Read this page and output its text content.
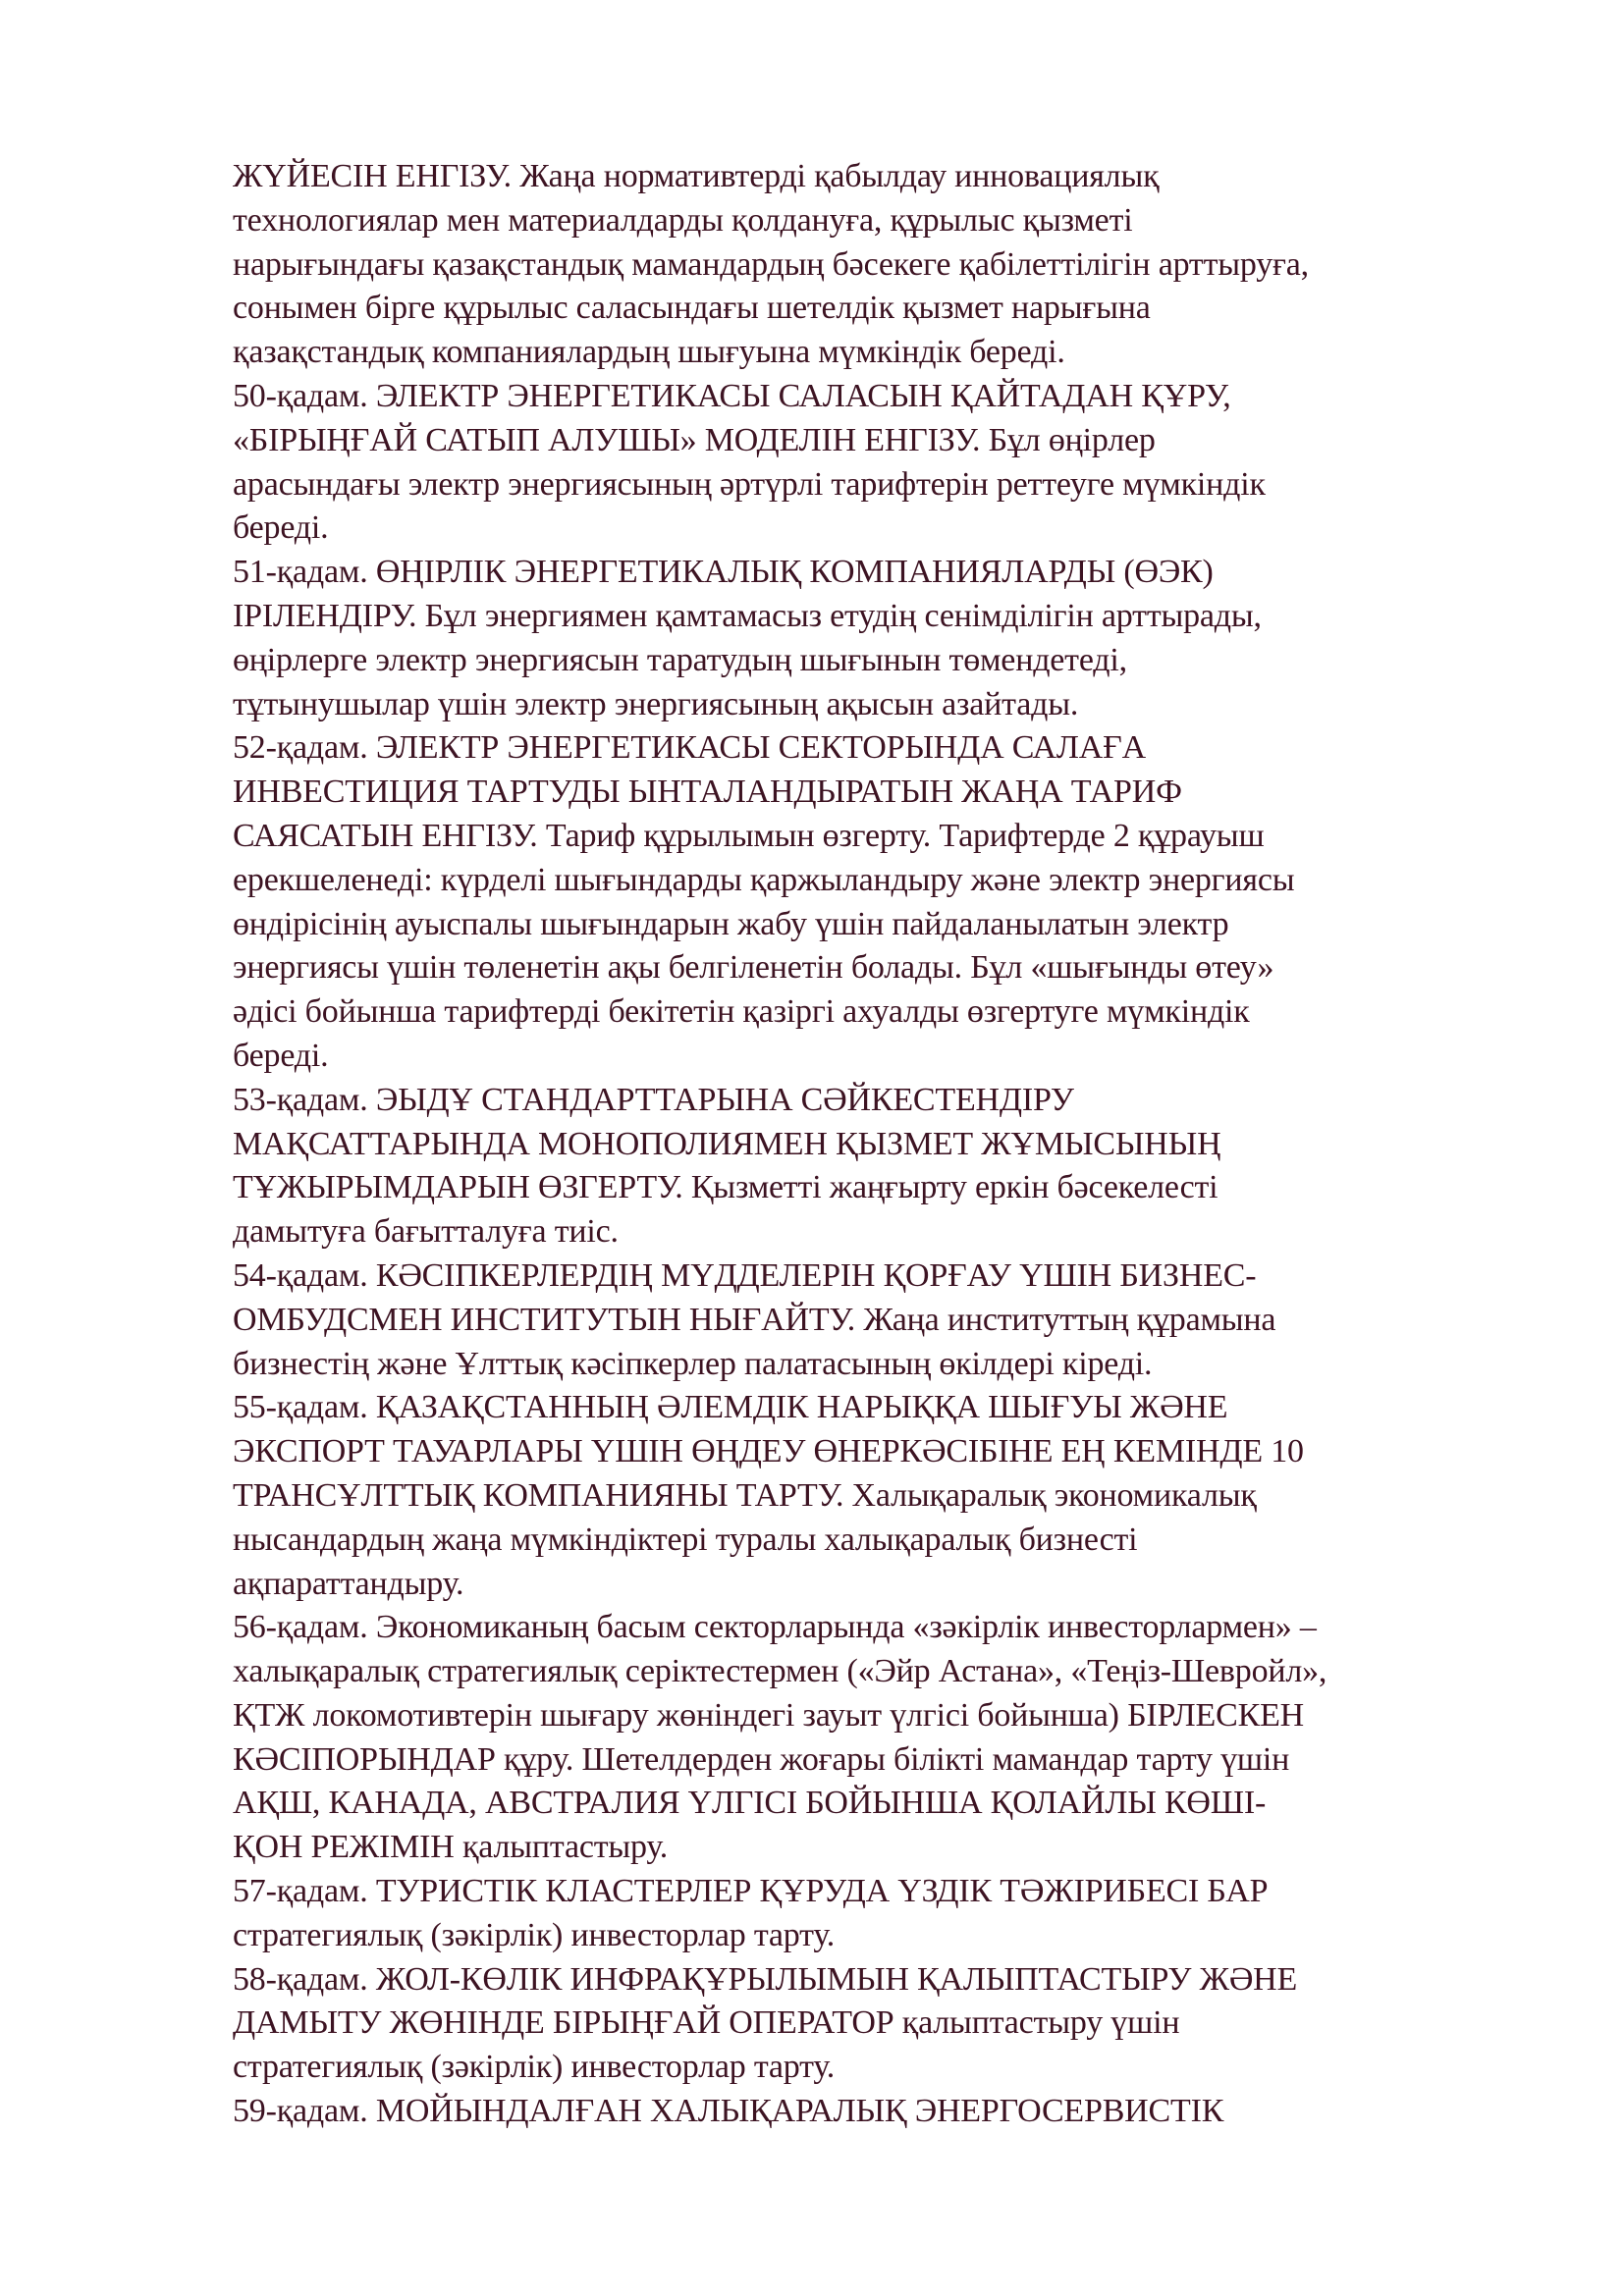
ЖҮЙЕСІН ЕНГІЗУ. Жаңа нормативтерді қабылдау инновациялық
технологиялар мен материалдарды қолдануға, құрылыс қызметі
нарығындағы қазақстандық мамандардың бәсекеге қабілеттілігін арттыруға,
сонымен бірге құрылыс саласындағы шетелдік қызмет нарығына
қазақстандық компаниялардың шығуына мүмкіндік береді.
50-қадам. ЭЛЕКТР ЭНЕРГЕТИКАСЫ САЛАСЫН ҚАЙТАДАН ҚҰРУ,
«БІРЫҢҒАЙ САТЫП АЛУШЫ» МОДЕЛІН ЕНГІЗУ. Бұл өңірлер
арасындағы электр энергиясының әртүрлі тарифтерін реттеуге мүмкіндік
береді.
51-қадам. ӨҢІРЛІК ЭНЕРГЕТИКАЛЫҚ КОМПАНИЯЛАРДЫ (ӨЭК)
ІРІЛЕНДІРУ. Бұл энергиямен қамтамасыз етудің сенімділігін арттырады,
өңірлерге электр энергиясын таратудың шығынын төмендетеді,
тұтынушылар үшін электр энергиясының ақысын азайтады.
52-қадам. ЭЛЕКТР ЭНЕРГЕТИКАСЫ СЕКТОРЫНДА САЛАҒА
ИНВЕСТИЦИЯ ТАРТУДЫ ЫНТАЛАНДЫРАТЫН ЖАҢА ТАРИФ
САЯСАТЫН ЕНГІЗУ. Тариф құрылымын өзгерту. Тарифтерде 2 құрауыш
ерекшеленеді: күрделі шығындарды қаржыландыру және электр энергиясы
өндірісінің ауыспалы шығындарын жабу үшін пайдаланылатын электр
энергиясы үшін төленетін ақы белгіленетін болады. Бұл «шығынды өтеу»
әдісі бойынша тарифтерді бекітетін қазіргі ахуалды өзгертуге мүмкіндік
береді.
53-қадам. ЭЫДҰ СТАНДАРТТАРЫНА СӘЙКЕСТЕНДІРУ
МАҚСАТТАРЫНДА МОНОПОЛИЯМЕН ҚЫЗМЕТ ЖҰМЫСЫНЫҢ
ТҰЖЫРЫМДАРЫН ӨЗГЕРТУ. Қызметті жаңғырту еркін бәсекелесті
дамытуға бағытталуға тиіс.
54-қадам. КӘСІПКЕРЛЕРДІҢ МҮДДЕЛЕРІН ҚОРҒАУ ҮШІН БИЗНЕС-
ОМБУДСМЕН ИНСТИТУТЫН НЫҒАЙТУ. Жаңа институттың құрамына
бизнестің және Ұлттық кәсіпкерлер палатасының өкілдері кіреді.
55-қадам. ҚАЗАҚСТАННЫҢ ӘЛЕМДІК НАРЫҚҚА ШЫҒУЫ ЖӘНЕ
ЭКСПОРТ ТАУАРЛАРЫ ҮШІН ӨҢДЕУ ӨНЕРКӘСІБІНЕ ЕҢ КЕМІНДЕ 10
ТРАНСҰЛТТЫҚ КОМПАНИЯНЫ ТАРТУ. Халықаралық экономикалық
нысандардың жаңа мүмкіндіктері туралы халықаралық бизнесті
ақпараттандыру.
56-қадам. Экономиканың басым секторларында «зәкірлік инвесторлармен» –
халықаралық стратегиялық серіктестермен («Эйр Астана», «Теңіз-Шевройл»,
ҚТЖ локомотивтерін шығару жөніндегі зауыт үлгісі бойынша) БІРЛЕСКЕН
КӘСІПОРЫНДАР құру. Шетелдерден жоғары білікті мамандар тарту үшін
АҚШ, КАНАДА, АВСТРАЛИЯ ҮЛГІСІ БОЙЫНША ҚОЛАЙЛЫ КӨШІ-
ҚОН РЕЖІМІН қалыптастыру.
57-қадам. ТУРИСТІК КЛАСТЕРЛЕР ҚҰРУДА ҮЗДІК ТӘЖІРИБЕСІ БАР
стратегиялық (зәкірлік) инвесторлар тарту.
58-қадам. ЖОЛ-КӨЛІК ИНФРАҚҰРЫЛЫМЫН ҚАЛЫПТАСТЫРУ ЖӘНЕ
ДАМЫТУ ЖӨНІНДЕ БІРЫҢҒАЙ ОПЕРАТОР қалыптастыру үшін
стратегиялық (зәкірлік) инвесторлар тарту.
59-қадам. МОЙЫНДАЛҒАН ХАЛЫҚАРАЛЫҚ ЭНЕРГОСЕРВИСТІК
